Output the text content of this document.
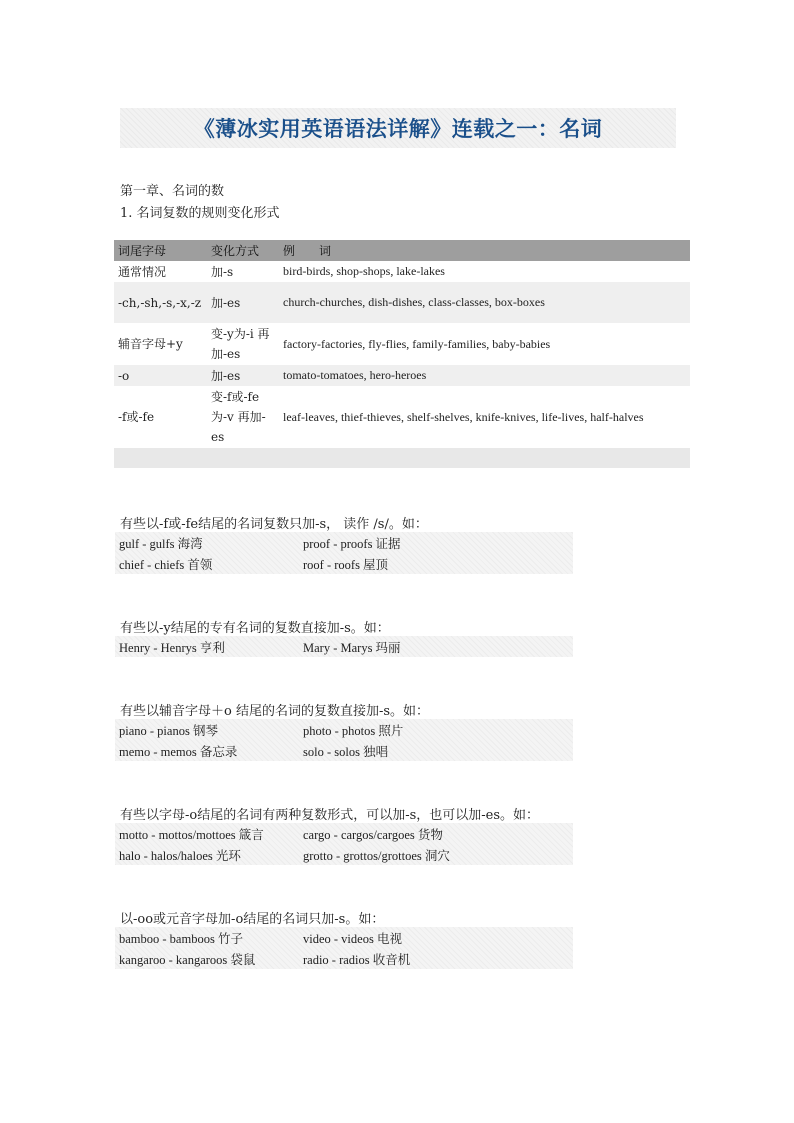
《薄冰实用英语语法详解》连载之一：名词
第一章、名词的数
1. 名词复数的规则变化形式
词尾字母	变化方式	例　　词
通常情况	加-s	bird-birds, shop-shops, lake-lakes
-ch,-sh,-s,-x,-z	加-es	church-churches, dish-dishes, class-classes, box-boxes
辅音字母+y	变-y为-i 再加-es	factory-factories, fly-flies, family-families, baby-babies
-o	加-es	tomato-tomatoes, hero-heroes
-f或-fe	变-f或-fe 为-v 再加-es	leaf-leaves, thief-thieves, shelf-shelves, knife-knives, life-lives, half-halves

有些以-f或-fe结尾的名词复数只加-s， 读作 /s/。如：
gulf - gulfs 海湾	proof - proofs 证据
chief - chiefs 首领	roof - roofs 屋顶
有些以-y结尾的专有名词的复数直接加-s。如：
Henry - Henrys 亨利	Mary - Marys 玛丽
有些以辅音字母＋o 结尾的名词的复数直接加-s。如：
piano - pianos 钢琴	photo - photos 照片
memo - memos 备忘录	solo - solos 独唱
有些以字母-o结尾的名词有两种复数形式，可以加-s，也可以加-es。如：
motto - mottos/mottoes 箴言	cargo - cargos/cargoes 货物
halo - halos/haloes 光环	grotto - grottos/grottoes 洞穴
以-oo或元音字母加-o结尾的名词只加-s。如：
bamboo - bamboos 竹子	video - videos 电视
kangaroo - kangaroos 袋鼠	radio - radios 收音机
